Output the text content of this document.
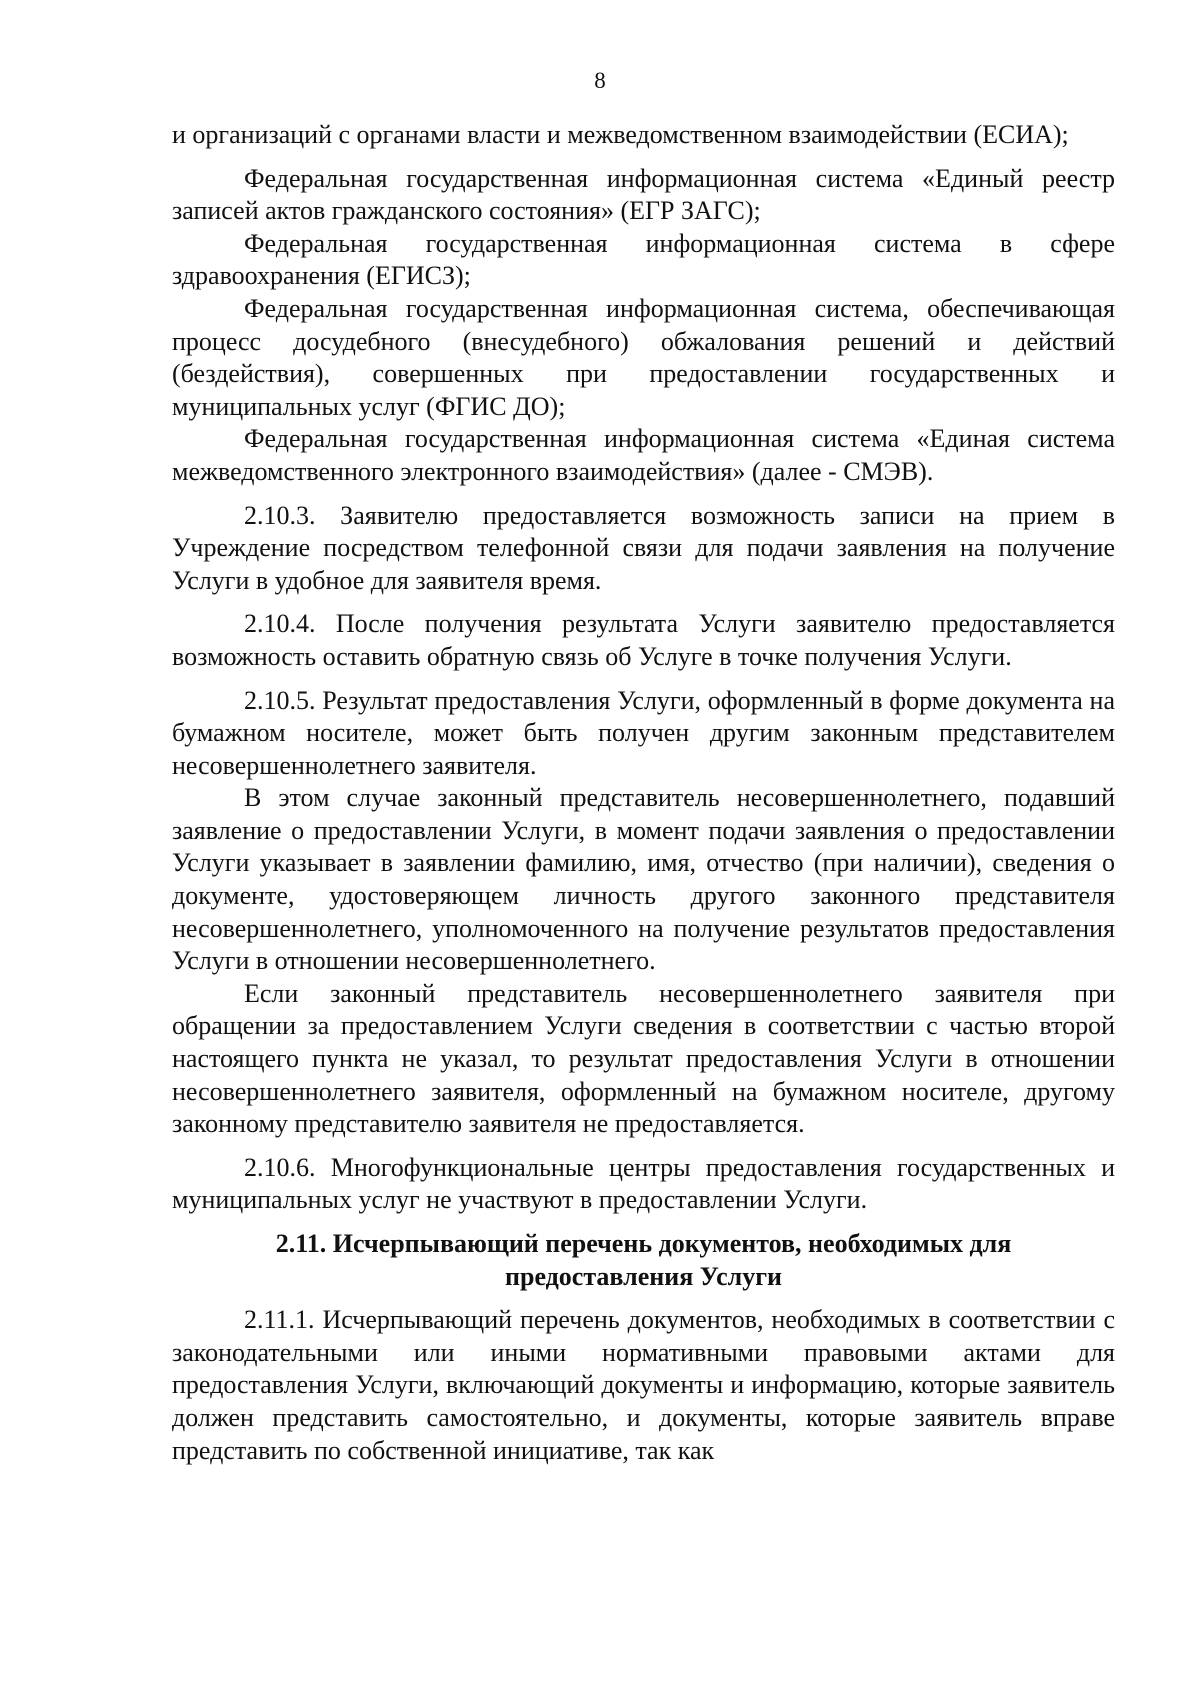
8

и организаций с органами власти и межведомственном взаимодействии (ЕСИА);

Федеральная государственная информационная система «Единый реестр записей актов гражданского состояния» (ЕГР ЗАГС);

Федеральная государственная информационная система в сфере здравоохранения (ЕГИСЗ);

Федеральная государственная информационная система, обеспечивающая процесс досудебного (внесудебного) обжалования решений и действий (бездействия), совершенных при предоставлении государственных и муниципальных услуг (ФГИС ДО);

Федеральная государственная информационная система «Единая система межведомственного электронного взаимодействия» (далее - СМЭВ).

2.10.3. Заявителю предоставляется возможность записи на прием в Учреждение посредством телефонной связи для подачи заявления на получение Услуги в удобное для заявителя время.

2.10.4. После получения результата Услуги заявителю предоставляется возможность оставить обратную связь об Услуге в точке получения Услуги.

2.10.5. Результат предоставления Услуги, оформленный в форме документа на бумажном носителе, может быть получен другим законным представителем несовершеннолетнего заявителя.

В этом случае законный представитель несовершеннолетнего, подавший заявление о предоставлении Услуги, в момент подачи заявления о предоставлении Услуги указывает в заявлении фамилию, имя, отчество (при наличии), сведения о документе, удостоверяющем личность другого законного представителя несовершеннолетнего, уполномоченного на получение результатов предоставления Услуги в отношении несовершеннолетнего.

Если законный представитель несовершеннолетнего заявителя при обращении за предоставлением Услуги сведения в соответствии с частью второй настоящего пункта не указал, то результат предоставления Услуги в отношении несовершеннолетнего заявителя, оформленный на бумажном носителе, другому законному представителю заявителя не предоставляется.

2.10.6. Многофункциональные центры предоставления государственных и муниципальных услуг не участвуют в предоставлении Услуги.

2.11. Исчерпывающий перечень документов, необходимых для предоставления Услуги

2.11.1. Исчерпывающий перечень документов, необходимых в соответствии с законодательными или иными нормативными правовыми актами для предоставления Услуги, включающий документы и информацию, которые заявитель должен представить самостоятельно, и документы, которые заявитель вправе представить по собственной инициативе, так как
